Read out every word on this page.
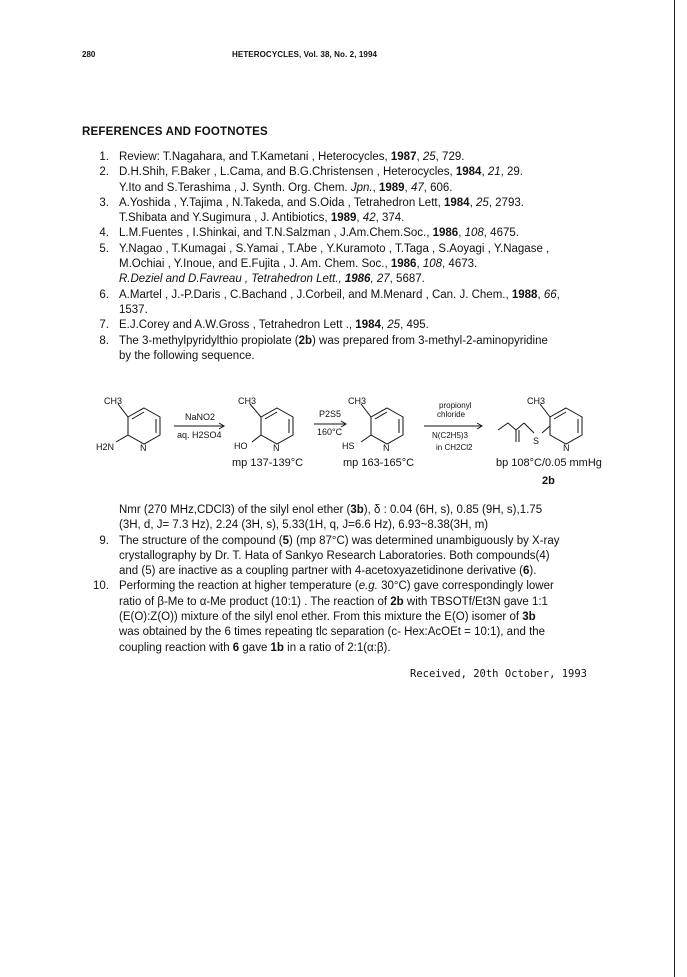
280	HETEROCYCLES, Vol. 38, No. 2, 1994
REFERENCES AND FOOTNOTES
1. Review: T.Nagahara, and T.Kametani , Heterocycles, 1987, 25, 729.
2. D.H.Shih, F.Baker , L.Cama, and B.G.Christensen , Heterocycles, 1984, 21, 29.
Y.Ito and S.Terashima , J. Synth. Org. Chem. Jpn., 1989, 47, 606.
3. A.Yoshida , Y.Tajima , N.Takeda, and S.Oida , Tetrahedron Lett, 1984, 25, 2793.
T.Shibata and Y.Sugimura , J. Antibiotics, 1989, 42, 374.
4. L.M.Fuentes , I.Shinkai, and T.N.Salzman , J.Am.Chem.Soc., 1986, 108, 4675.
5. Y.Nagao , T.Kumagai , S.Yamai , T.Abe , Y.Kuramoto , T.Taga , S.Aoyagi , Y.Nagase ,
M.Ochiai , Y.Inoue, and E.Fujita , J. Am. Chem. Soc., 1986, 108, 4673.
R.Deziel and D.Favreau , Tetrahedron Lett., 1986, 27, 5687.
6. A.Martel , J.-P.Daris , C.Bachand , J.Corbeil, and M.Menard , Can. J. Chem., 1988, 66,
1537.
7. E.J.Corey and A.W.Gross , Tetrahedron Lett ., 1984, 25, 495.
8. The 3-methylpyridylthio propiolate (2b) was prepared from 3-methyl-2-aminopyridine
by the following sequence.
CH3
H2N	N
NaNO2
aq. H2SO4
CH3
HO	N
P2S5
160°C
CH3
HS	N
propionyl
chloride
N(C2H5)3
in CH2Cl2
CH3
S
N
mp 137-139°C	mp 163-165°C	bp 108°C/0.05 mmHg
2b
Nmr (270 MHz,CDCl3) of the silyl enol ether (3b), δ : 0.04 (6H, s), 0.85 (9H, s),1.75
(3H, d, J= 7.3 Hz), 2.24 (3H, s), 5.33(1H, q, J=6.6 Hz), 6.93~8.38(3H, m)
9. The structure of the compound (5) (mp 87°C) was determined unambiguously by X-ray
crystallography by Dr. T. Hata of Sankyo Research Laboratories. Both compounds(4)
and (5) are inactive as a coupling partner with 4-acetoxyazetidinone derivative (6).
10. Performing the reaction at higher temperature (e.g. 30°C) gave correspondingly lower
ratio of β-Me to α-Me product (10:1) . The reaction of 2b with TBSOTf/Et3N gave 1:1
(E(O):Z(O)) mixture of the silyl enol ether. From this mixture the E(O) isomer of 3b
was obtained by the 6 times repeating tlc separation (c- Hex:AcOEt = 10:1), and the
coupling reaction with 6 gave 1b in a ratio of 2:1(α:β).
Received, 20th October, 1993
